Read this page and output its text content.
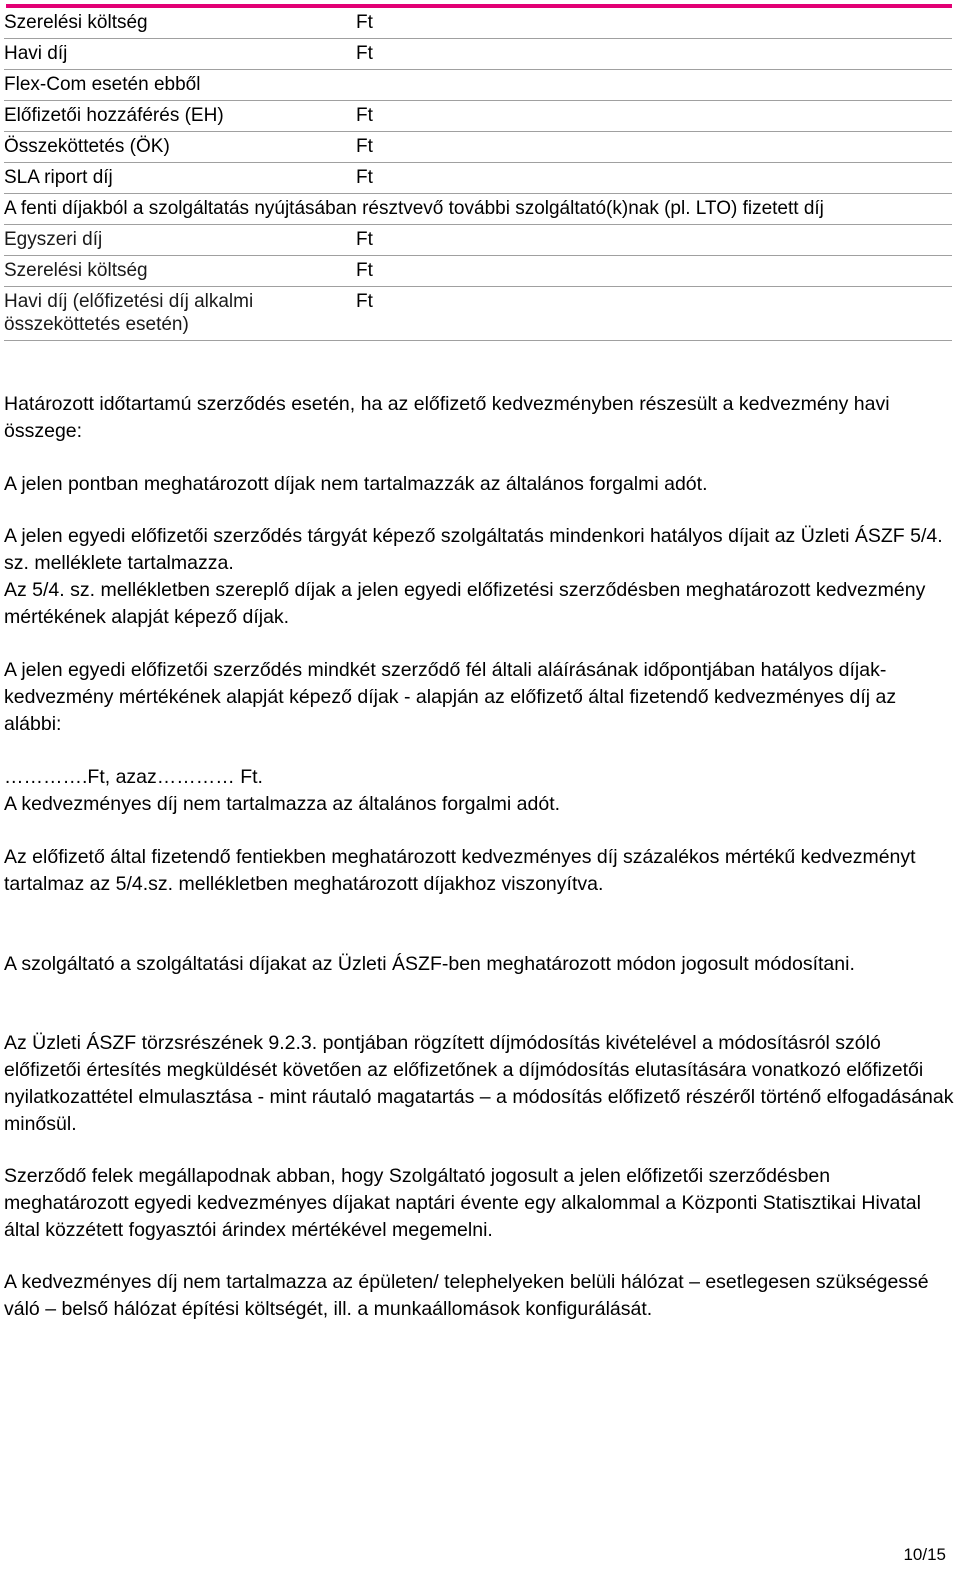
Szerelési költség	Ft
Havi díj	Ft
Flex-Com esetén ebből	
Előfizetői hozzáférés (EH)	Ft
Összeköttetés (ÖK)	Ft
SLA riport díj	Ft
A fenti díjakból a szolgáltatás nyújtásában résztvevő további szolgáltató(k)nak (pl. LTO) fizetett díj	
Egyszeri díj	Ft
Szerelési költség	Ft
Havi díj (előfizetési díj alkalmi összeköttetés esetén)	Ft

Határozott időtartamú szerződés esetén, ha az előfizető kedvezményben részesült a kedvezmény havi összege:

A jelen pontban meghatározott díjak nem tartalmazzák az általános forgalmi adót.

A jelen egyedi előfizetői szerződés tárgyát képező szolgáltatás mindenkori hatályos díjait az Üzleti ÁSZF 5/4. sz. melléklete tartalmazza.

Az 5/4. sz. mellékletben szereplő díjak a jelen egyedi előfizetési szerződésben meghatározott kedvezmény mértékének alapját képező díjak.

A jelen egyedi előfizetői szerződés mindkét szerződő fél általi aláírásának időpontjában hatályos díjak- kedvezmény mértékének alapját képező díjak - alapján az előfizető által fizetendő kedvezményes díj az alábbi:

………….Ft, azaz………… Ft.

A kedvezményes díj nem tartalmazza az általános forgalmi adót.

Az előfizető által fizetendő fentiekben meghatározott kedvezményes díj százalékos mértékű kedvezményt tartalmaz az 5/4.sz. mellékletben meghatározott díjakhoz viszonyítva.

A szolgáltató a szolgáltatási díjakat az Üzleti ÁSZF-ben meghatározott módon jogosult módosítani.

Az Üzleti ÁSZF törzsrészének 9.2.3. pontjában rögzített díjmódosítás kivételével a módosításról szóló előfizetői értesítés megküldését követően az előfizetőnek a díjmódosítás elutasítására vonatkozó előfizetői nyilatkozattétel elmulasztása - mint ráutaló magatartás – a módosítás előfizető részéről történő elfogadásának minősül.

Szerződő felek megállapodnak abban, hogy Szolgáltató jogosult a jelen előfizetői szerződésben meghatározott egyedi kedvezményes díjakat naptári évente egy alkalommal a Központi Statisztikai Hivatal által közzétett fogyasztói árindex mértékével megemelni.

A kedvezményes díj nem tartalmazza az épületen/ telephelyeken belüli hálózat – esetlegesen szükségessé váló – belső hálózat építési költségét, ill. a munkaállomások konfigurálását.

10/15
